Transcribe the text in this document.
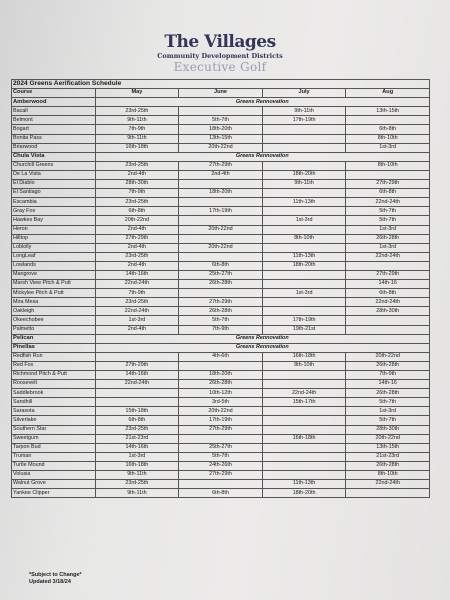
The Villages
Community Development Districts
Executive Golf
2024 Greens Aerification Schedule				
Course	May	June	July	Aug
Amberwood	Greens Rennovation			
Bacall	23rd-25th		9th-11th	13th-15th
Belmont	9th-11th	5th-7th	17th-19th	
Bogart	7th-9th	18th-20th		6th-8th
Bonita Pass	9th-11th	13th-15th		8th-10th
Briarwood	16th-18th	20th-22nd		1st-3rd
Chula Vista	Greens Rennovation			
Churchill Greens	23rd-25th	27th-29th		8th-10th
De La Vista	2nd-4th	2nd-4th	18th-20th	
El Diablo	28th-30th		9th-11th	27th-29th
El Santiago	7th-9th	18th-20th		6th-8th
Escambia	23rd-25th		11th-13th	22nd-24th
Gray Fox	6th-8th	17th-19th		5th-7th
Hawkes Bay	20th-22nd		1st-3rd	5th-7th
Heron	2nd-4th	20th-22nd		1st-3rd
Hilltop	27th-29th		8th-10th	26th-28th
Loblolly	2nd-4th	20th-22nd		1st-3rd
LongLeaf	23rd-25th		11th-13th	22nd-24th
Lowlands	2nd-4th	6th-8th	18th-20th	
Mangrove	14th-16th	25th-27th		27th-29th
Marsh View Pitch & Putt	22nd-24th	26th-28th		14th-16
Mickylee Pitch & Putt	7th-9th		1st-3rd	6th-8th
Mira Mesa	23rd-25th	27th-29th		22nd-24th
Oakleigh	22nd-24th	26th-28th		28th-30th
Okeechobee	1st-3rd	5th-7th	17th-19th	
Palmetto	2nd-4th	7th-9th	19th-21st	
Pelican	Greens Rennovation			
Pinellas	Greens Rennovation			
Redfish Run		4th-6th	16th-18th	20th-22nd
Red Fox	27th-29th		8th-10th	26th-28th
Richmond Pitch & Putt	14th-16th	18th-20th		7th-9th
Roosevelt	22nd-24th	26th-28th		14th-16
Saddlebrook		10th-12th	22nd-24th	26th-28th
Sandhill		3rd-5th	15th-17th	5th-7th
Sarasota	15th-18th	20th-22nd		1st-3rd
Silverlake	6th-8th	17th-19th		5th-7th
Southern Star	23rd-25th	27th-29th		28th-30th
Sweetgum	21st-23rd		16th-18th	20th-22nd
Tarpon Bud	14th-16th	25th-27th		13th-15th
Truman	1st-3rd	5th-7th		21st-23rd
Turtle Mound	16th-18th	24th-26th		26th-28th
Volusia	9th-11th	27th-29th		8th-10th
Walnut Grove	23rd-25th		11th-13th	22nd-24th
Yankee Clipper	9th-11th	6th-8th	18th-20th	
*Subject to Change*
Updated 3/18/24
